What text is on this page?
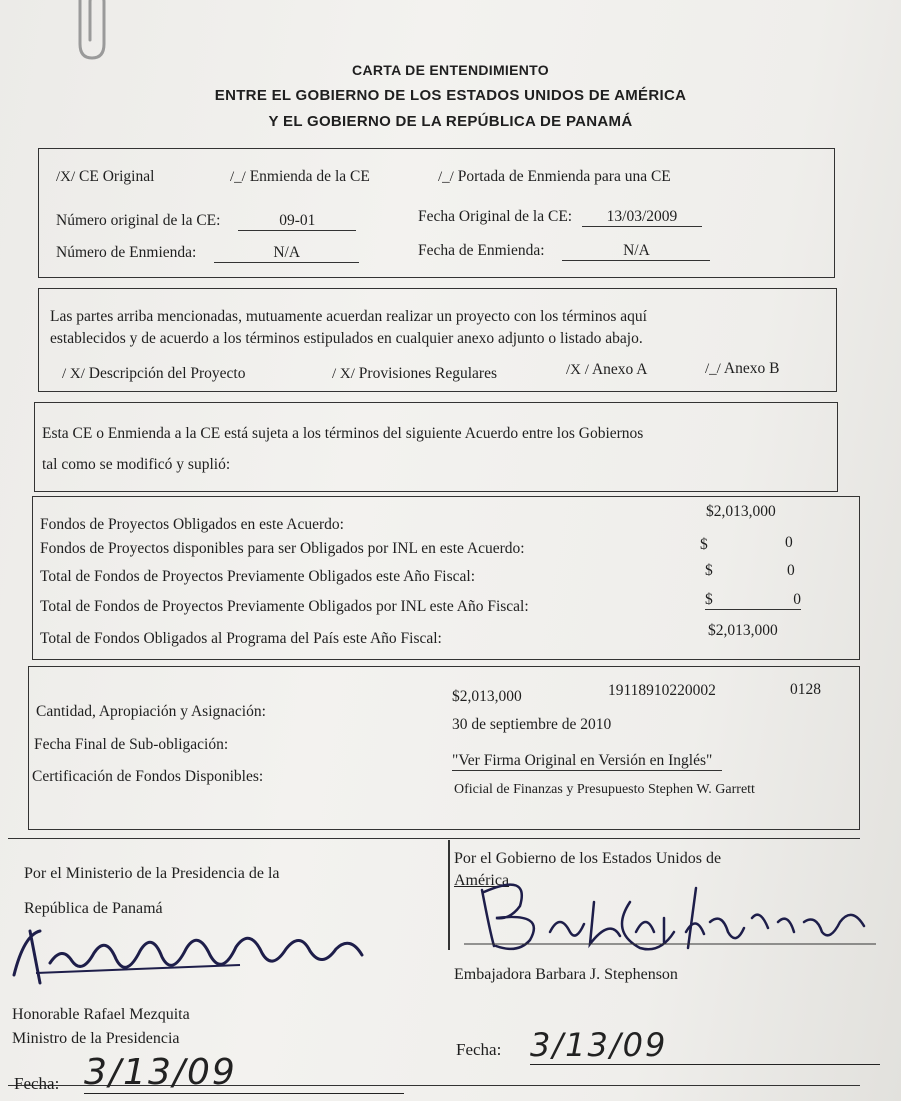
CARTA DE ENTENDIMIENTO
ENTRE EL GOBIERNO DE LOS ESTADOS UNIDOS DE AMÉRICA
Y EL GOBIERNO DE LA REPÚBLICA DE PANAMÁ
/X/ CE Original	/_/ Enmienda de la CE	/_/ Portada de Enmienda para una CE
Número original de la CE:	09-01	Fecha Original de la CE: 13/03/2009
Número de Enmienda:	N/A	Fecha de Enmienda:	N/A
Las partes arriba mencionadas, mutuamente acuerdan realizar un proyecto con los términos aquí
establecidos y de acuerdo a los términos estipulados en cualquier anexo adjunto o listado abajo.
/ X/ Descripción del Proyecto	/ X/ Provisiones Regulares	/X / Anexo A	/_/ Anexo B
Esta CE o Enmienda a la CE está sujeta a los términos del siguiente Acuerdo entre los Gobiernos
tal como se modificó y suplió:
Fondos de Proyectos Obligados en este Acuerdo:
$2,013,000
Fondos de Proyectos disponibles para ser Obligados por INL en este Acuerdo:	$	0
Total de Fondos de Proyectos Previamente Obligados este Año Fiscal:	$	0
Total de Fondos de Proyectos Previamente Obligados por INL este Año Fiscal:	$	0
Total de Fondos Obligados al Programa del País este Año Fiscal:	$2,013,000
Cantidad, Apropiación y Asignación:
$2,013,000	19118910220002	0128
Fecha Final de Sub-obligación:
30 de septiembre de 2010
Certificación de Fondos Disponibles:
"Ver Firma Original en Versión en Inglés"
Oficial de Finanzas y Presupuesto Stephen W. Garrett
Por el Ministerio de la Presidencia de la
República de Panamá
Honorable Rafael Mezquita
Ministro de la Presidencia
Fecha: 3/13/09
Por el Gobierno de los Estados Unidos de
América
Embajadora Barbara J. Stephenson
Fecha: 3/13/09
